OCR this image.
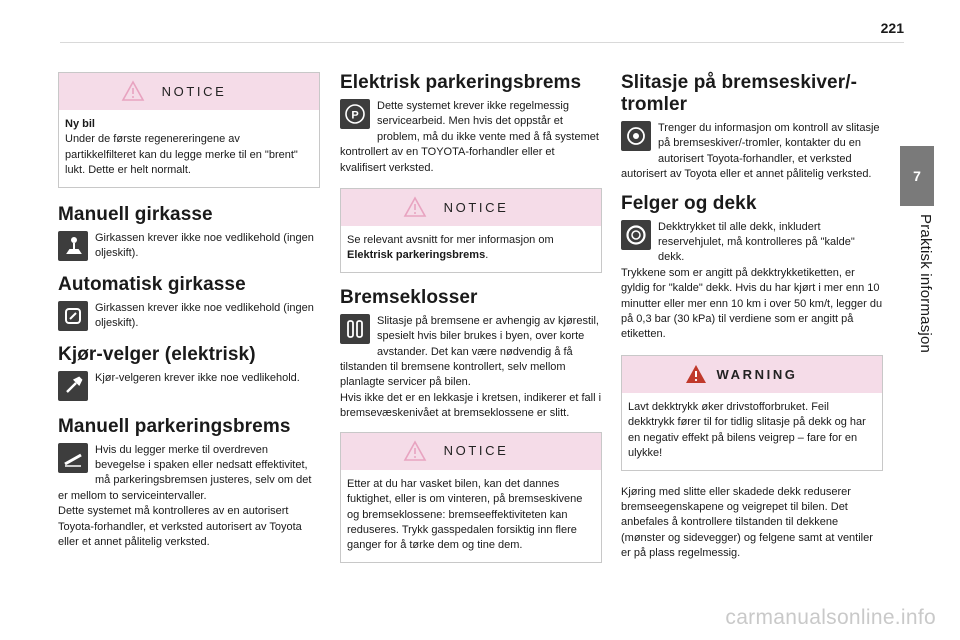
221
7
Praktisk informasjon
NOTICE

Ny bil

Under de første regenereringene av partikkelfilteret kan du legge merke til en "brent" lukt. Dette er helt normalt.

Manuell girkasse

Girkassen krever ikke noe vedlikehold (ingen oljeskift).

Automatisk girkasse

Girkassen krever ikke noe vedlikehold (ingen oljeskift).

Kjør-velger (elektrisk)

Kjør-velgeren krever ikke noe vedlikehold.

Manuell parkeringsbrems

Hvis du legger merke til overdreven bevegelse i spaken eller nedsatt effektivitet, må parkeringsbremsen justeres, selv om det er mellom to serviceintervaller.
Dette systemet må kontrolleres av en autorisert Toyota-forhandler, et verksted autorisert av Toyota eller et annet pålitelig verksted.

Elektrisk parkeringsbrems
P

Dette systemet krever ikke regelmessig servicearbeid. Men hvis det oppstår et problem, må du ikke vente med å få systemet kontrollert av en TOYOTA-forhandler eller et kvalifisert verksted.

NOTICE

Se relevant avsnitt for mer informasjon om Elektrisk parkeringsbrems.

Bremseklosser

Slitasje på bremsene er avhengig av kjørestil, spesielt hvis biler brukes i byen, over korte avstander. Det kan være nødvendig å få tilstanden til bremsene kontrollert, selv mellom planlagte servicer på bilen.
Hvis ikke det er en lekkasje i kretsen, indikerer et fall i bremsevæskenivået at bremseklossene er slitt.

NOTICE

Etter at du har vasket bilen, kan det dannes fuktighet, eller is om vinteren, på bremseskivene og bremseklossene: bremseeffektiviteten kan reduseres. Trykk gasspedalen forsiktig inn flere ganger for å tørke dem og tine dem.

Slitasje på bremseskiver/-tromler

Trenger du informasjon om kontroll av slitasje på bremseskiver/-tromler, kontakter du en autorisert Toyota-forhandler, et verksted autorisert av Toyota eller et annet pålitelig verksted.

Felger og dekk

Dekktrykket til alle dekk, inkludert reservehjulet, må kontrolleres på "kalde" dekk.
Trykkene som er angitt på dekktrykketiketten, er gyldig for "kalde" dekk. Hvis du har kjørt i mer enn 10 minutter eller mer enn 10 km i over 50 km/t, legger du på 0,3 bar (30 kPa) til verdiene som er angitt på etiketten.

WARNING

Lavt dekktrykk øker drivstofforbruket. Feil dekktrykk fører til for tidlig slitasje på dekk og har en negativ effekt på bilens veigrep – fare for en ulykke!

Kjøring med slitte eller skadede dekk reduserer bremseegenskapene og veigrepet til bilen. Det anbefales å kontrollere tilstanden til dekkene (mønster og sidevegger) og felgene samt at ventiler er på plass regelmessig.

carmanualsonline.info
